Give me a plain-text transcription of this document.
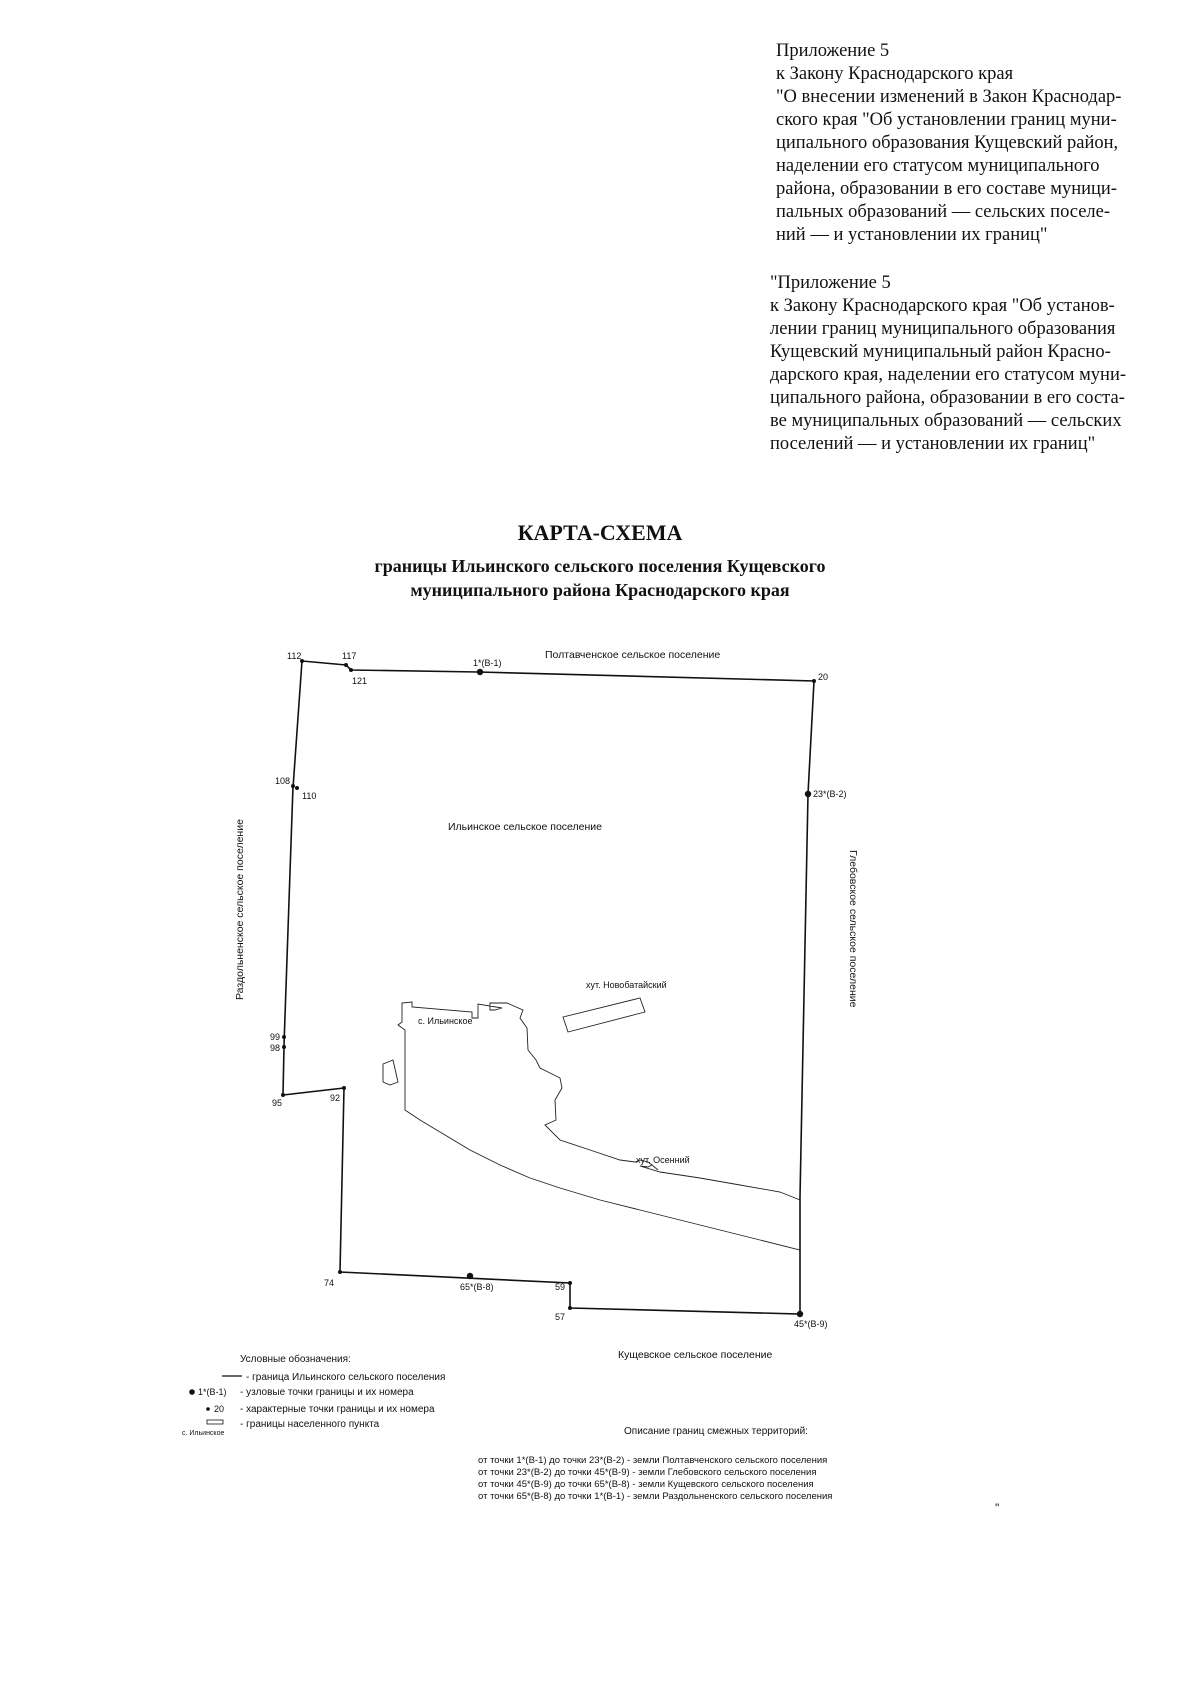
Приложение 5
к Закону Краснодарского края
"О внесении изменений в Закон Краснодар-
ского края "Об установлении границ муни-
ципального образования Кущевский район,
наделении его статусом муниципального
района, образовании в его составе муници-
пальных образований — сельских поселе-
ний — и установлении их границ"
"Приложение 5
к Закону Краснодарского края "Об установ-
лении границ муниципального образования
Кущевский муниципальный район Красно-
дарского края, наделении его статусом муни-
ципального района, образовании в его соста-
ве муниципальных образований — сельских
поселений — и установлении их границ"
КАРТА-СХЕМА
границы Ильинского сельского поселения Кущевского
муниципального района Краснодарского края
112	117
121	20
108
110
99
98
95	92
74	59
57
1*(В-1)
23*(В-2)
45*(В-9)
65*(В-8)
Полтавченское сельское поселение
Ильинское сельское поселение
Кущевское сельское поселение
Раздольненское сельское поселение	Глебовское сельское поселение
с. Ильинское
хут. Новобатайский
хут. Осенний
Условные обозначения:
- граница Ильинского сельского поселения
1*(В-1) - узловые точки границы и их номера
20 - характерные точки границы и их номера
с. Ильинское
- границы населенного пункта
Описание границ смежных территорий:
от точки 1*(В-1) до точки 23*(В-2) - земли Полтавченского сельского поселения
от точки 23*(В-2) до точки 45*(В-9) - земли Глебовского сельского поселения
от точки 45*(В-9) до точки 65*(В-8) - земли Кущевского сельского поселения
от точки 65*(В-8) до точки 1*(В-1) - земли Раздольненского сельского поселения
"
